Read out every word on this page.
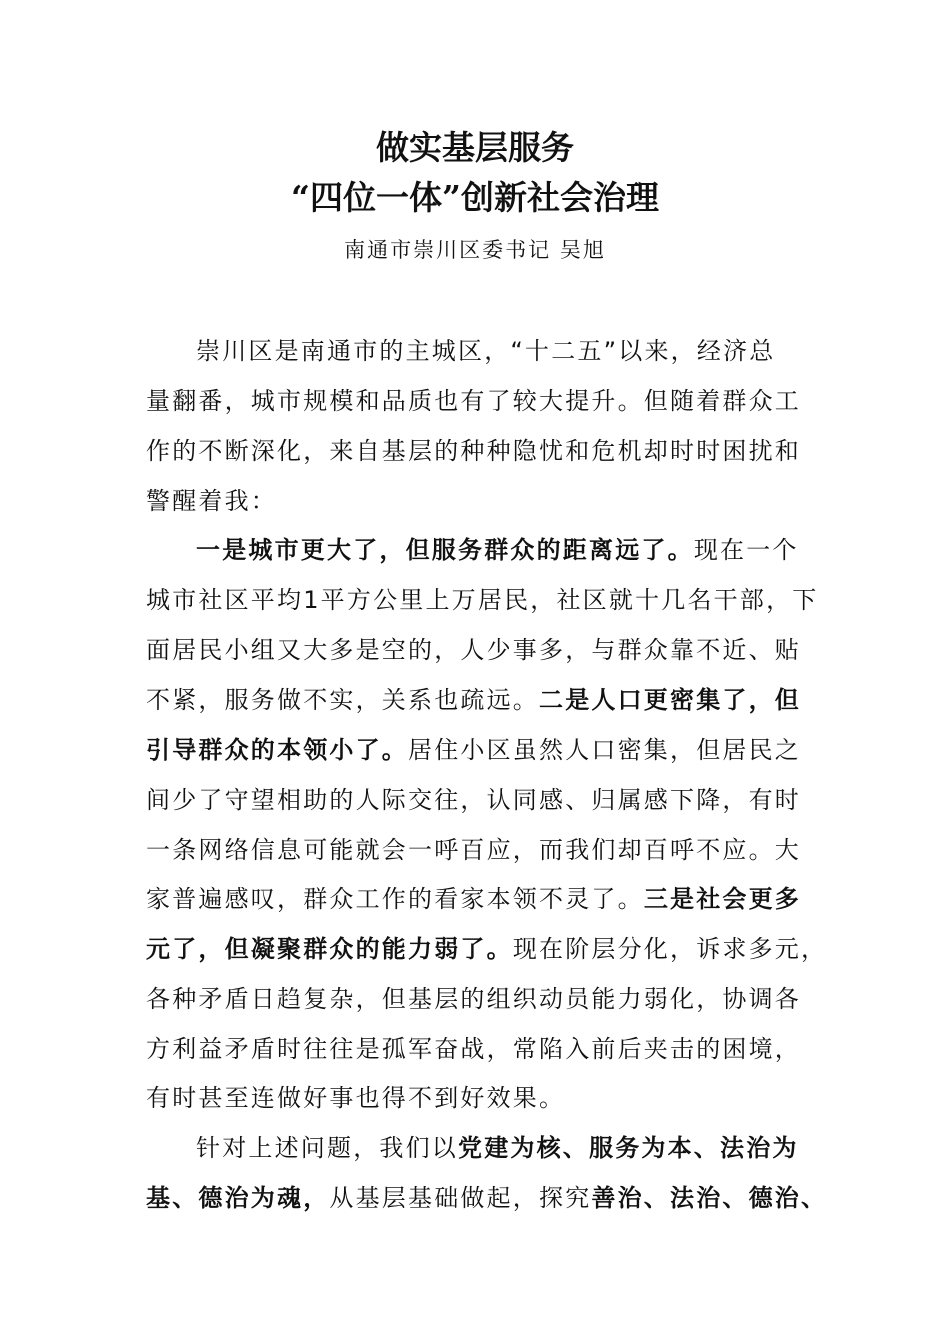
做实基层服务
“四位一体”创新社会治理
南通市崇川区委书记 吴旭
崇川区是南通市的主城区，“十二五”以来，经济总
量翻番，城市规模和品质也有了较大提升。但随着群众工
作的不断深化，来自基层的种种隐忧和危机却时时困扰和
警醒着我：
一是城市更大了，但服务群众的距离远了。现在一个
城市社区平均1平方公里上万居民，社区就十几名干部，下
面居民小组又大多是空的，人少事多，与群众靠不近、贴
不紧，服务做不实，关系也疏远。二是人口更密集了，但
引导群众的本领小了。居住小区虽然人口密集，但居民之
间少了守望相助的人际交往，认同感、归属感下降，有时
一条网络信息可能就会一呼百应，而我们却百呼不应。大
家普遍感叹，群众工作的看家本领不灵了。三是社会更多
元了，但凝聚群众的能力弱了。现在阶层分化，诉求多元，
各种矛盾日趋复杂，但基层的组织动员能力弱化，协调各
方利益矛盾时往往是孤军奋战，常陷入前后夹击的困境，
有时甚至连做好事也得不到好效果。
针对上述问题，我们以党建为核、服务为本、法治为
基、德治为魂，从基层基础做起，探究善治、法治、德治、
